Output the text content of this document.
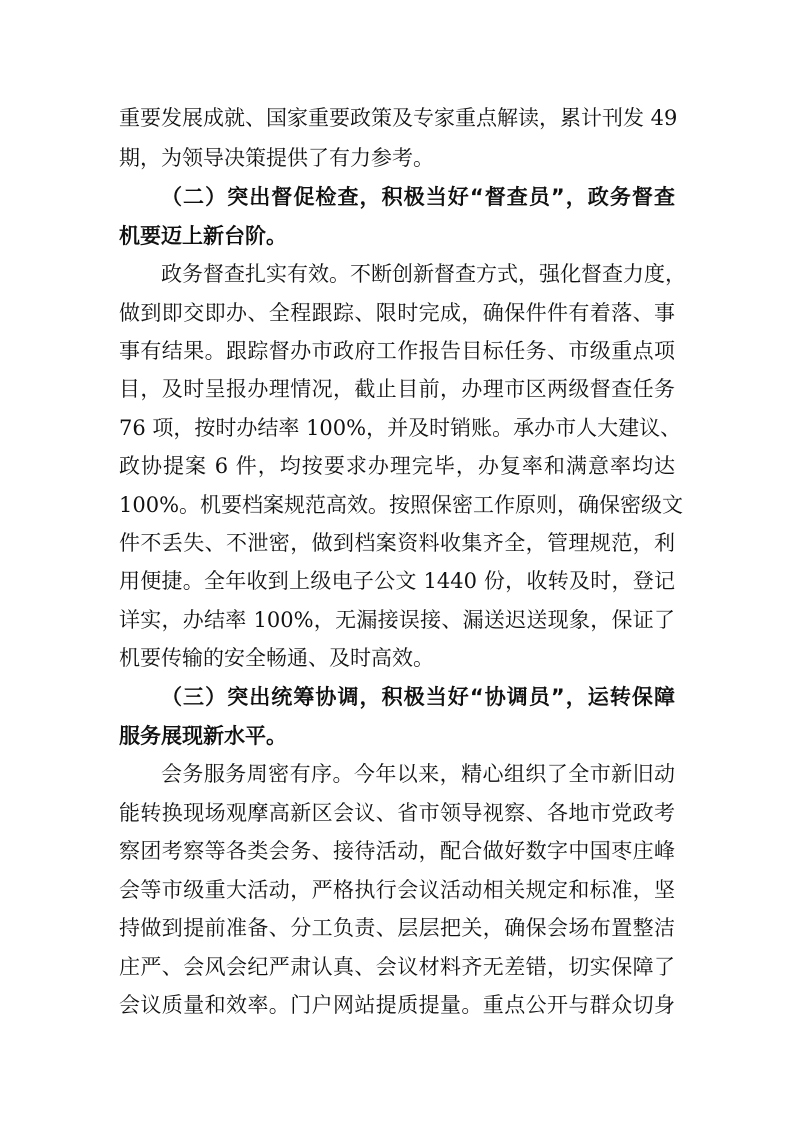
重要发展成就、国家重要政策及专家重点解读，累计刊发 49
期，为领导决策提供了有力参考。
（二）突出督促检查，积极当好“督查员”，政务督查
机要迈上新台阶。
政务督查扎实有效。不断创新督查方式，强化督查力度，
做到即交即办、全程跟踪、限时完成，确保件件有着落、事
事有结果。跟踪督办市政府工作报告目标任务、市级重点项
目，及时呈报办理情况，截止目前，办理市区两级督查任务
76 项，按时办结率 100%，并及时销账。承办市人大建议、
政协提案 6 件，均按要求办理完毕，办复率和满意率均达
100%。机要档案规范高效。按照保密工作原则，确保密级文
件不丢失、不泄密，做到档案资料收集齐全，管理规范，利
用便捷。全年收到上级电子公文 1440 份，收转及时，登记
详实，办结率 100%，无漏接误接、漏送迟送现象，保证了
机要传输的安全畅通、及时高效。
（三）突出统筹协调，积极当好“协调员”，运转保障
服务展现新水平。
会务服务周密有序。今年以来，精心组织了全市新旧动
能转换现场观摩高新区会议、省市领导视察、各地市党政考
察团考察等各类会务、接待活动，配合做好数字中国枣庄峰
会等市级重大活动，严格执行会议活动相关规定和标准，坚
持做到提前准备、分工负责、层层把关，确保会场布置整洁
庄严、会风会纪严肃认真、会议材料齐无差错，切实保障了
会议质量和效率。门户网站提质提量。重点公开与群众切身
